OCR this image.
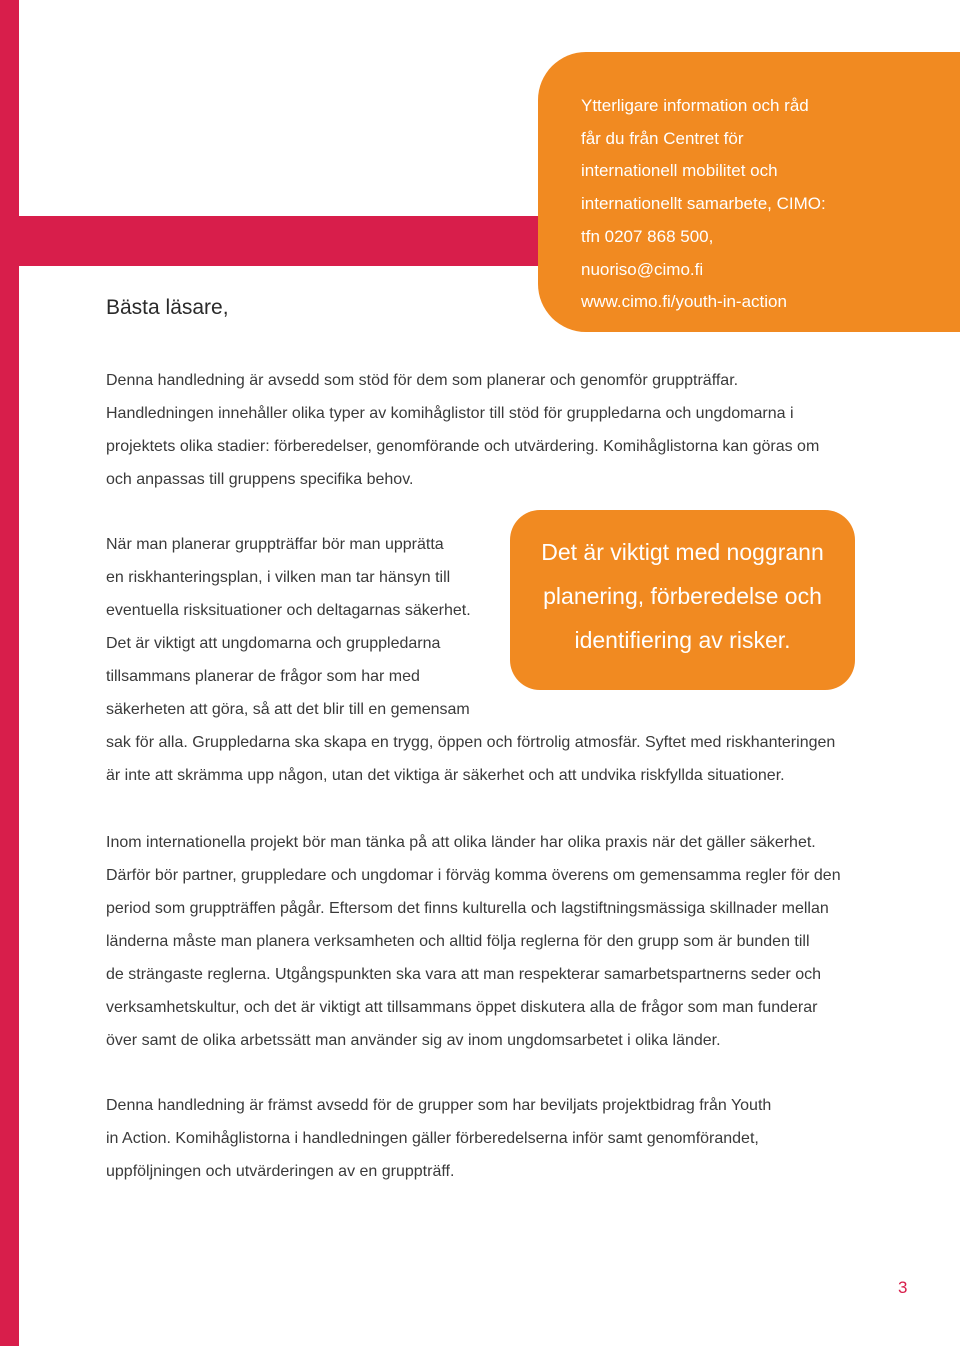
Ytterligare information och råd
får du från Centret för
internationell mobilitet och
internationellt samarbete, CIMO:
tfn 0207 868 500,
nuoriso@cimo.fi
www.cimo.fi/youth-in-action
Bästa läsare,
Denna handledning är avsedd som stöd för dem som planerar och genomför gruppträffar.
Handledningen innehåller olika typer av komihåglistor till stöd för gruppledarna och ungdomarna i
projektets olika stadier: förberedelser, genomförande och utvärdering. Komihåglistorna kan göras om
och anpassas till gruppens specifika behov.
När man planerar gruppträffar bör man upprätta
en riskhanteringsplan, i vilken man tar hänsyn till
eventuella risksituationer och deltagarnas säkerhet.
Det är viktigt att ungdomarna och gruppledarna
tillsammans planerar de frågor som har med
säkerheten att göra, så att det blir till en gemensam
sak för alla. Gruppledarna ska skapa en trygg, öppen och förtrolig atmosfär. Syftet med riskhanteringen
är inte att skrämma upp någon, utan det viktiga är säkerhet och att undvika riskfyllda situationer.
Det är viktigt med noggrann
planering, förberedelse och
identifiering av risker.
Inom internationella projekt bör man tänka på att olika länder har olika praxis när det gäller säkerhet.
Därför bör partner, gruppledare och ungdomar i förväg komma överens om gemensamma regler för den
period som gruppträffen pågår. Eftersom det finns kulturella och lagstiftningsmässiga skillnader mellan
länderna måste man planera verksamheten och alltid följa reglerna för den grupp som är bunden till
de strängaste reglerna. Utgångspunkten ska vara att man respekterar samarbetspartnerns seder och
verksamhetskultur, och det är viktigt att tillsammans öppet diskutera alla de frågor som man funderar
över samt de olika arbetssätt man använder sig av inom ungdomsarbetet i olika länder.
Denna handledning är främst avsedd för de grupper som har beviljats projektbidrag från Youth
in Action. Komihåglistorna i handledningen gäller förberedelserna inför samt genomförandet,
uppföljningen och utvärderingen av en gruppträff.
3
